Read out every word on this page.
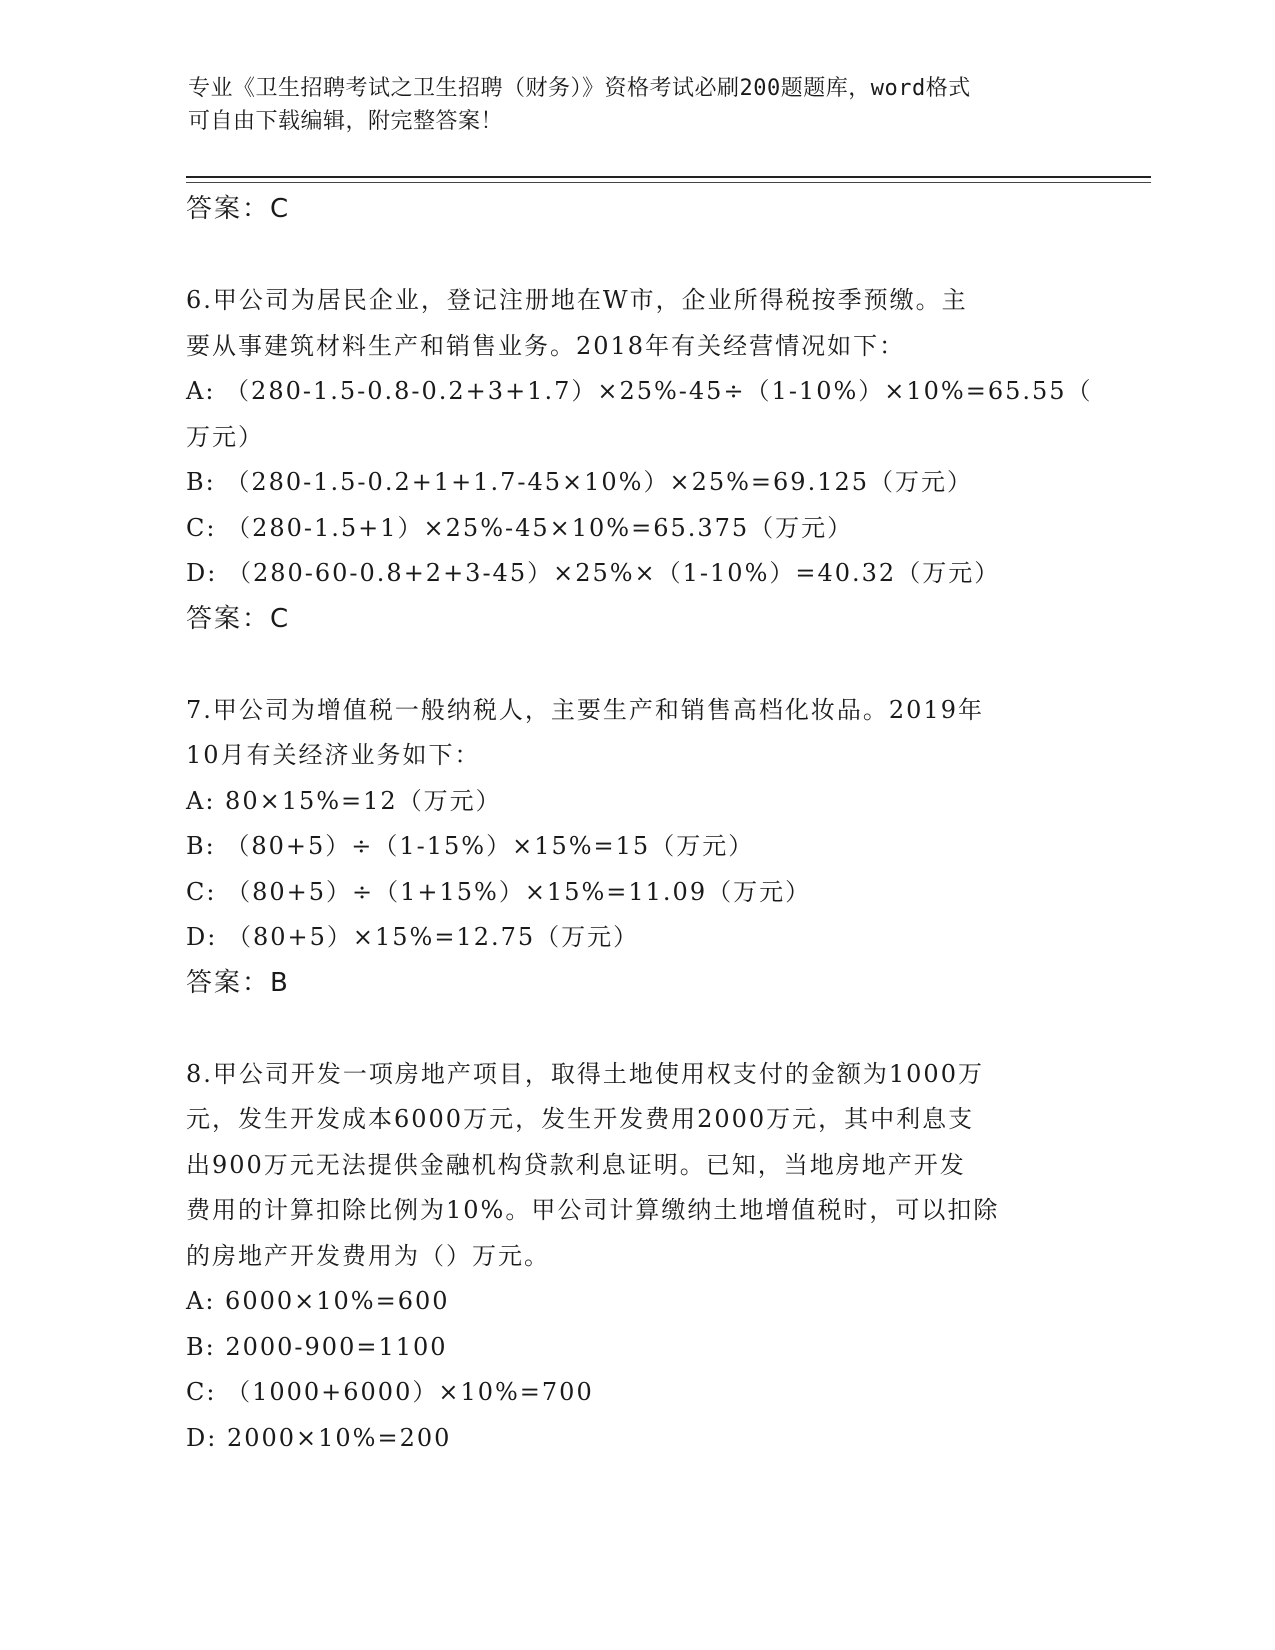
专业《卫生招聘考试之卫生招聘（财务）》资格考试必刷200题题库，word格式
可自由下载编辑，附完整答案！
答案：C
6.甲公司为居民企业，登记注册地在W市，企业所得税按季预缴。主
要从事建筑材料生产和销售业务。2018年有关经营情况如下：
A: （280-1.5-0.8-0.2+3+1.7）×25%-45÷（1-10%）×10%=65.55（
万元）
B: （280-1.5-0.2+1+1.7-45×10%）×25%=69.125（万元）
C: （280-1.5+1）×25%-45×10%=65.375（万元）
D: （280-60-0.8+2+3-45）×25%×（1-10%）=40.32（万元）
答案：C
7.甲公司为增值税一般纳税人，主要生产和销售高档化妆品。2019年
10月有关经济业务如下：
A: 80×15%=12（万元）
B: （80+5）÷（1-15%）×15%=15（万元）
C: （80+5）÷（1+15%）×15%=11.09（万元）
D: （80+5）×15%=12.75（万元）
答案：B
8.甲公司开发一项房地产项目，取得土地使用权支付的金额为1000万
元，发生开发成本6000万元，发生开发费用2000万元，其中利息支
出900万元无法提供金融机构贷款利息证明。已知，当地房地产开发
费用的计算扣除比例为10%。甲公司计算缴纳土地增值税时，可以扣除
的房地产开发费用为（）万元。
A: 6000×10%=600
B: 2000-900=1100
C: （1000+6000）×10%=700
D: 2000×10%=200
